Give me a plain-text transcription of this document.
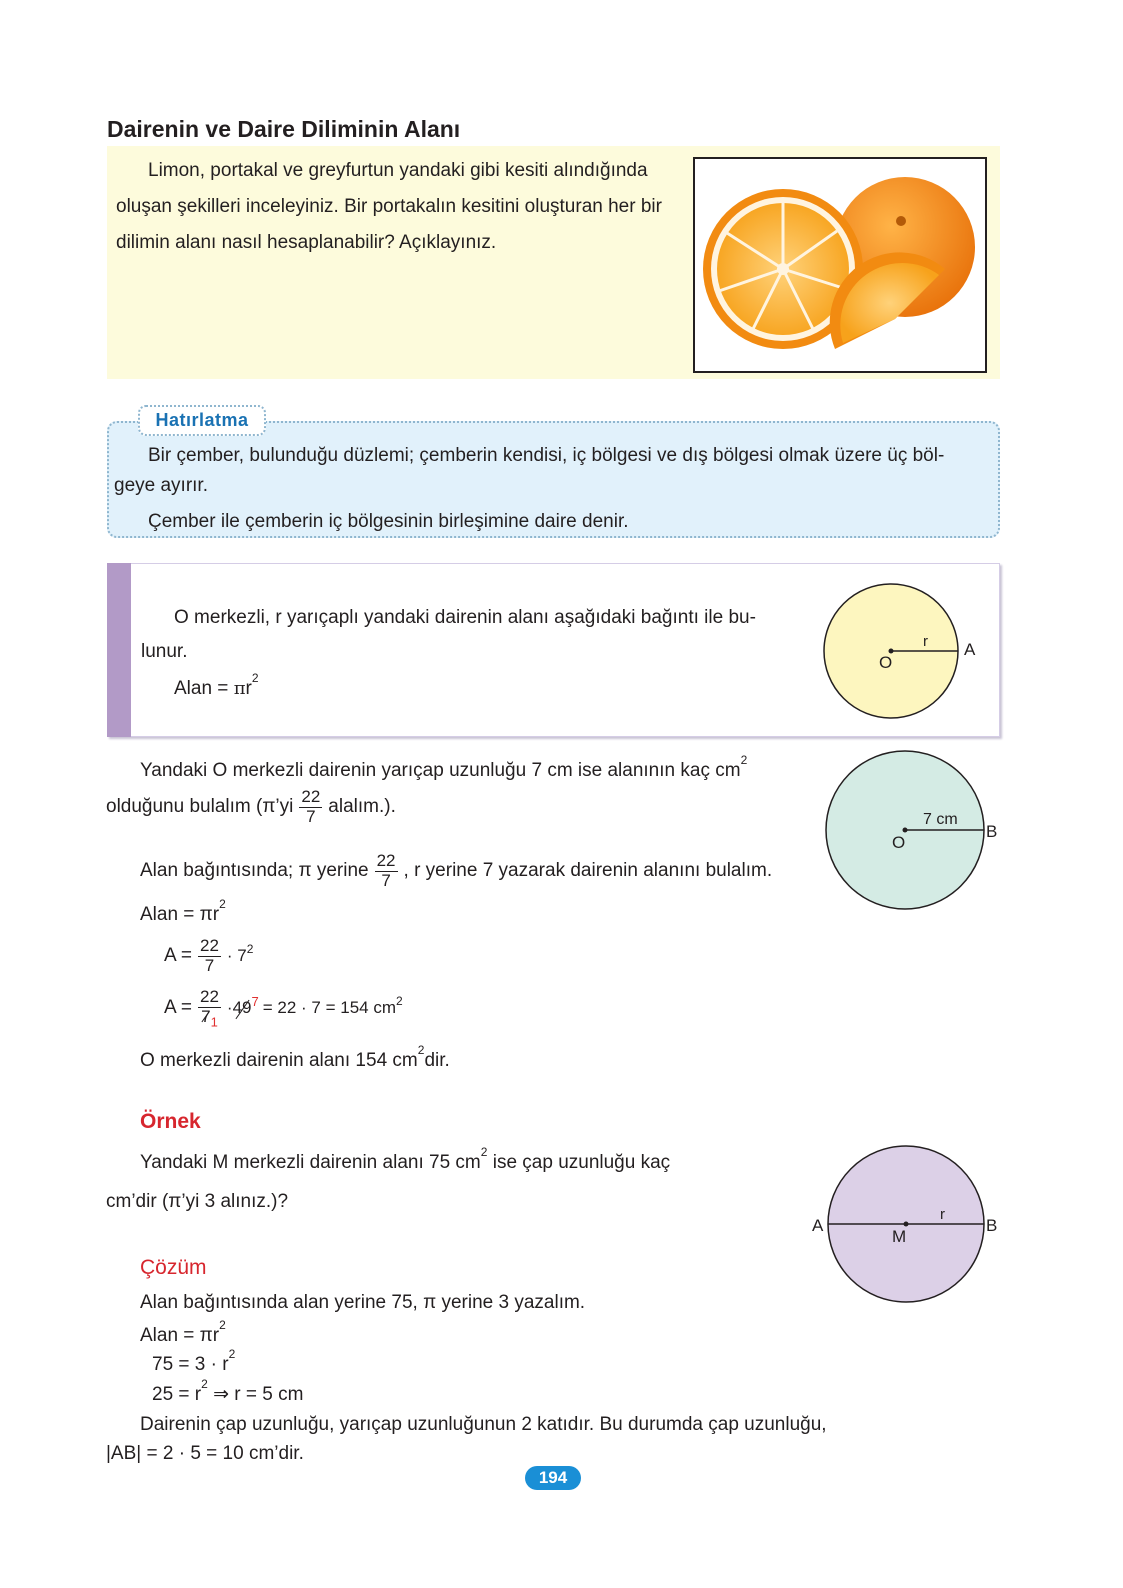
Dairenin ve Daire Diliminin Alanı
Limon, portakal ve greyfurtun yandaki gibi kesiti alındığında
oluşan şekilleri inceleyiniz. Bir portakalın kesitini oluşturan her bir
dilimin alanı nasıl hesaplanabilir? Açıklayınız.
Hatırlatma
Bir çember, bulunduğu düzlemi; çemberin kendisi, iç bölgesi ve dış bölgesi olmak üzere üç böl-
geye ayırır.
Çember ile çemberin iç bölgesinin birleşimine daire denir.
O merkezli, r yarıçaplı yandaki dairenin alanı aşağıdaki bağıntı ile bu-
lunur.
Alan = $\pi r^2$
O
r A
Yandaki O merkezli dairenin yarıçap uzunluğu 7 cm ise alanının kaç $cm^2$
olduğunu bulalım (π’yi $\frac{22}{7}$ alalım.).
O
7 cm
B
Alan bağıntısında; π yerine $\frac{22}{7}$ , r yerine 7 yazarak dairenin alanını bulalım.
Alan = $\pi r^2$
$A = \frac{22}{7} \cdot 7^2$
$A = \frac{22}{7_1} \cdot 49^7 = 22 \cdot 7 = 154$ $cm^2$
O merkezli dairenin alanı 154 $cm^2dir$.
Örnek
Yandaki M merkezli dairenin alanı 75 $cm^2$ ise çap uzunluğu kaç
cm’dir (π’yi 3 alınız.)?
M
r
A	B
Çözüm
Alan bağıntısında alan yerine 75, π yerine 3 yazalım.
Alan = $\pi r^2$
$75 = 3 \cdot r^2$
$25 = r^2$ ⇒ r = 5 cm
Dairenin çap uzunluğu, yarıçap uzunluğunun 2 katıdır. Bu durumda çap uzunluğu,
|AB| = 2 · 5 = 10 cm’dir.
194
